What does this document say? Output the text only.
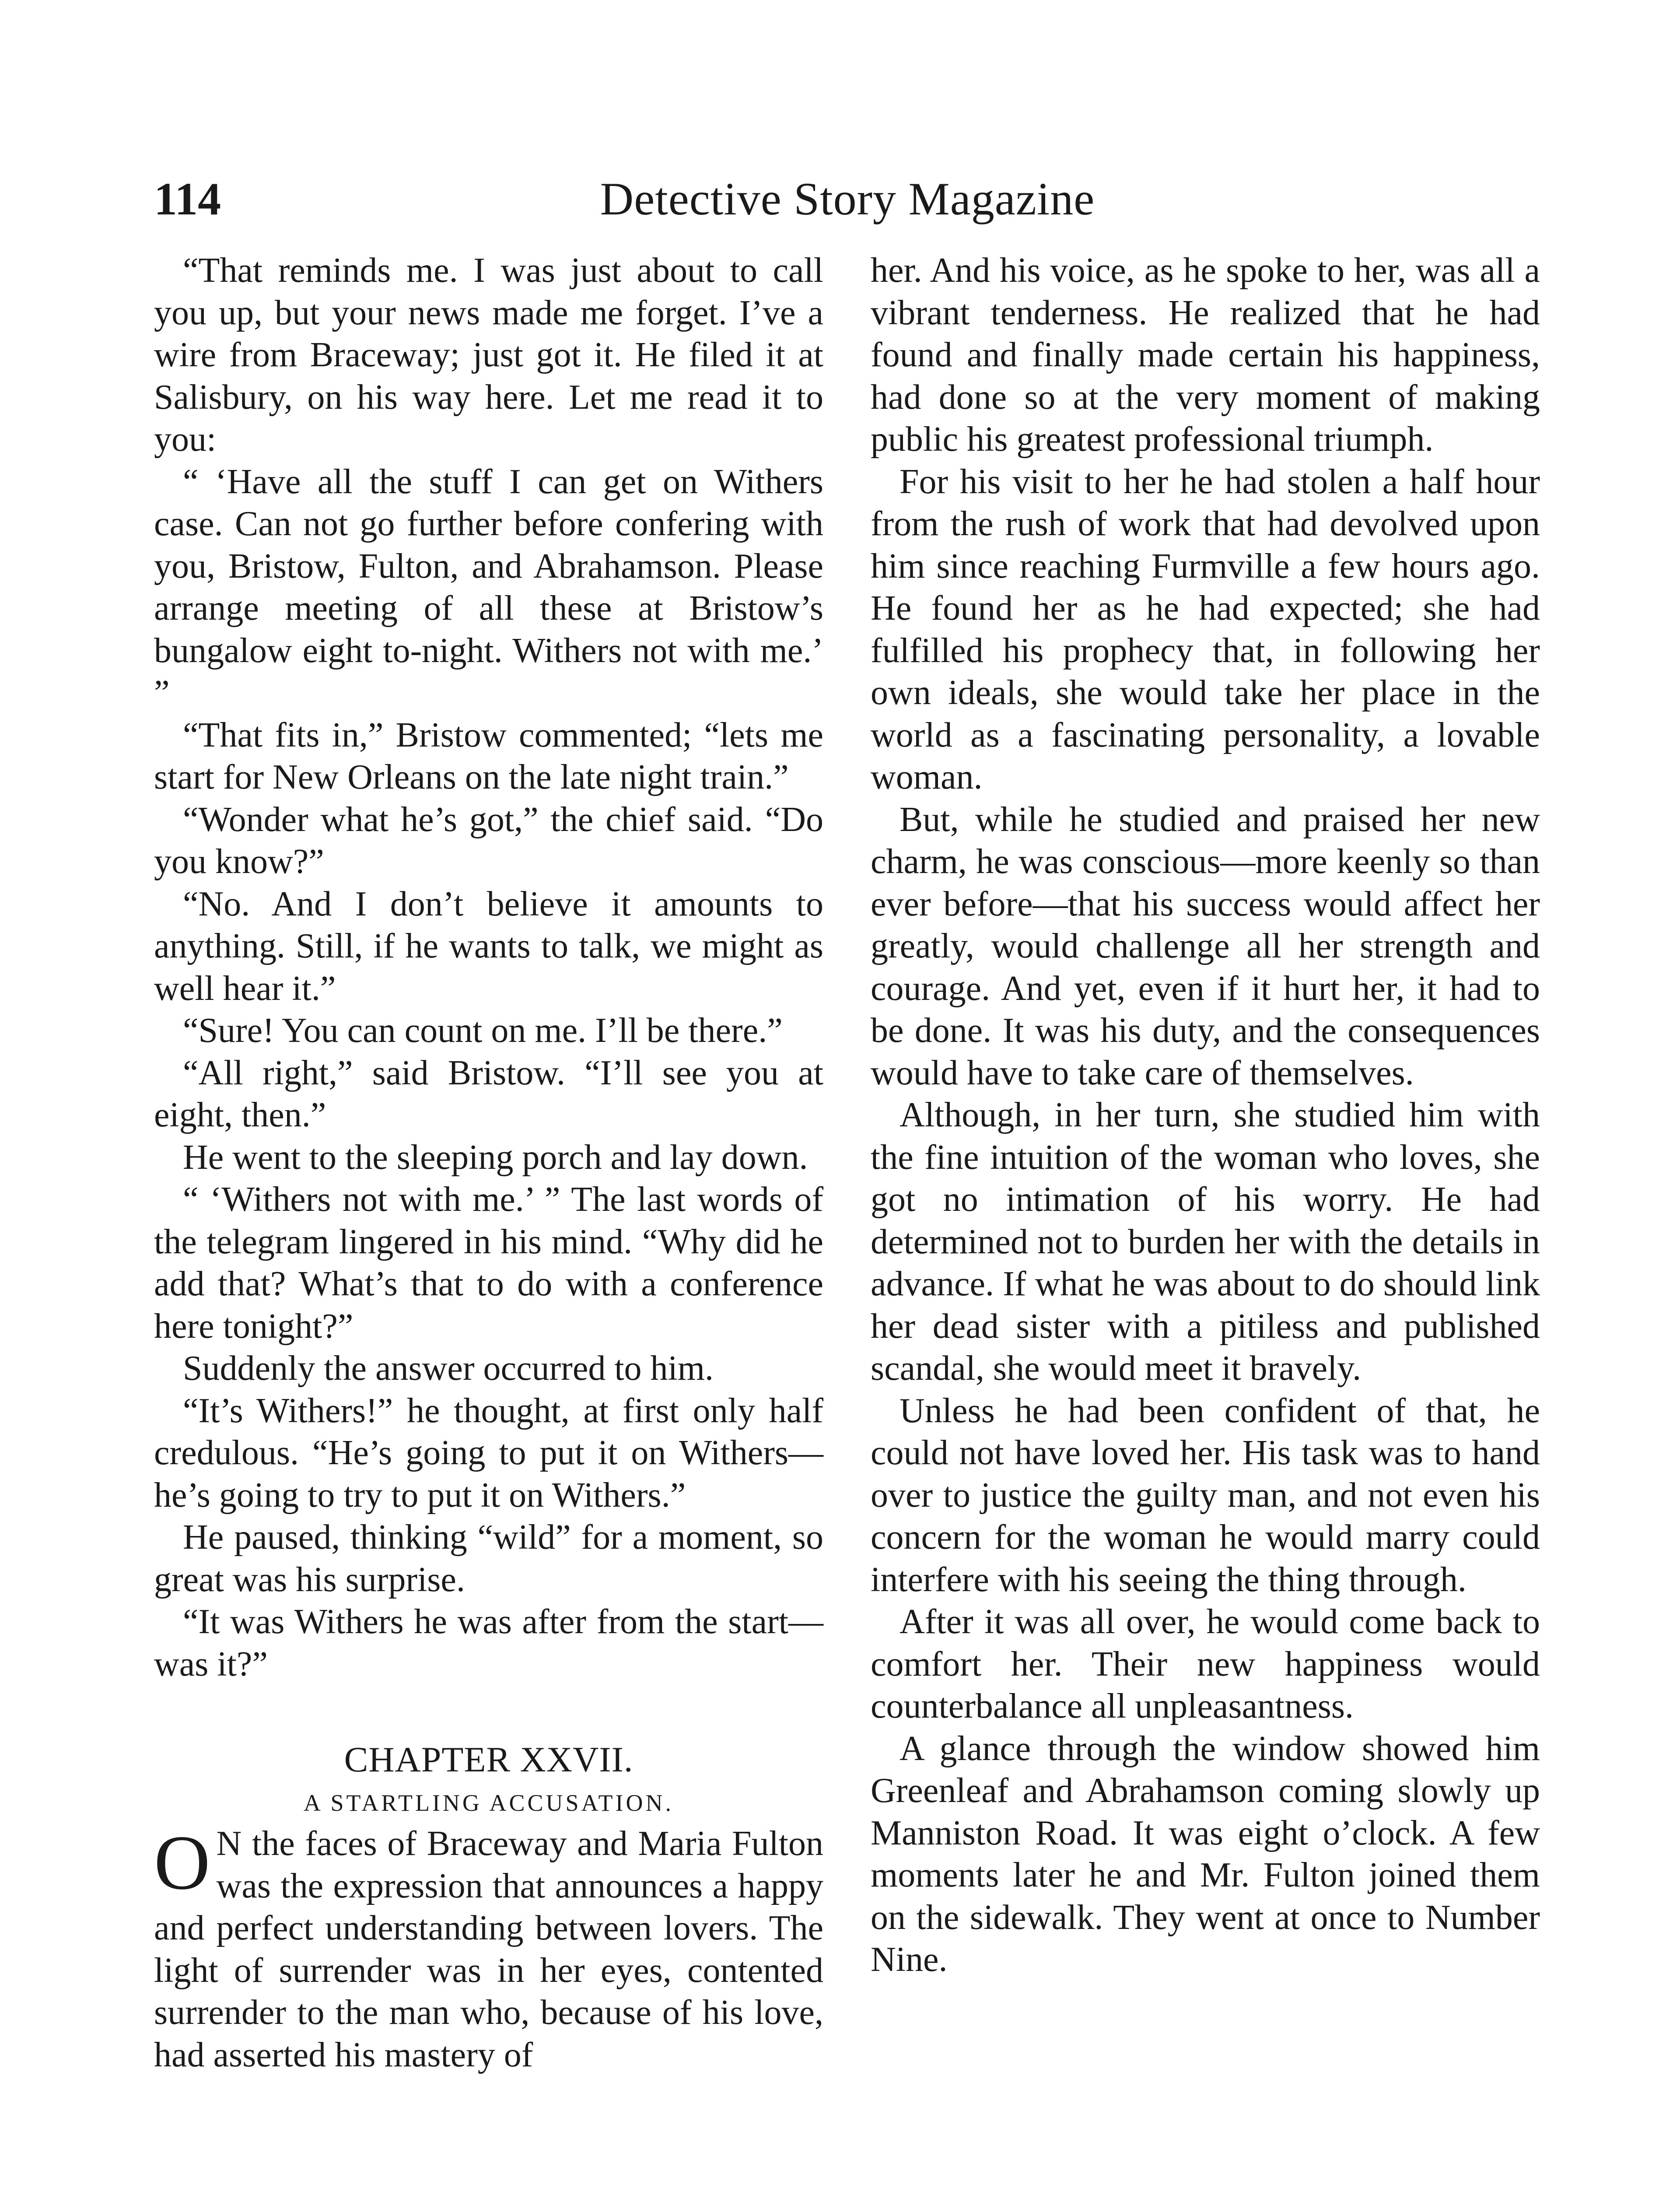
114	Detective Story Magazine

“That reminds me. I was just about to call you up, but your news made me forget. I’ve a wire from Braceway; just got it. He filed it at Salisbury, on his way here. Let me read it to you:

“ ‘Have all the stuff I can get on Withers case. Can not go further before confering with you, Bristow, Fulton, and Abrahamson. Please arrange meeting of all these at Bristow’s bungalow eight to-night. Withers not with me.’ ”

“That fits in,” Bristow commented; “lets me start for New Orleans on the late night train.”

“Wonder what he’s got,” the chief said. “Do you know?”

“No. And I don’t believe it amounts to anything. Still, if he wants to talk, we might as well hear it.”

“Sure! You can count on me. I’ll be there.”

“All right,” said Bristow. “I’ll see you at eight, then.”

He went to the sleeping porch and lay down.

“ ‘Withers not with me.’ ” The last words of the telegram lingered in his mind. “Why did he add that? What’s that to do with a conference here tonight?”

Suddenly the answer occurred to him.

“It’s Withers!” he thought, at first only half credulous. “He’s going to put it on Withers—he’s going to try to put it on Withers.”

He paused, thinking “wild” for a moment, so great was his surprise.

“It was Withers he was after from the start—was it?”

CHAPTER XXVII.
A STARTLING ACCUSATION.

O N the faces of Braceway and Maria Fulton was the expression that announces a happy and perfect understanding between lovers. The light of surrender was in her eyes, contented surrender to the man who, because of his love, had asserted his mastery of

her. And his voice, as he spoke to her, was all a vibrant tenderness. He realized that he had found and finally made certain his happiness, had done so at the very moment of making public his greatest professional triumph.

For his visit to her he had stolen a half hour from the rush of work that had devolved upon him since reaching Furmville a few hours ago. He found her as he had expected; she had fulfilled his prophecy that, in following her own ideals, she would take her place in the world as a fascinating personality, a lovable woman.

But, while he studied and praised her new charm, he was conscious—more keenly so than ever before—that his success would affect her greatly, would challenge all her strength and courage. And yet, even if it hurt her, it had to be done. It was his duty, and the consequences would have to take care of themselves.

Although, in her turn, she studied him with the fine intuition of the woman who loves, she got no intimation of his worry. He had determined not to burden her with the details in advance. If what he was about to do should link her dead sister with a pitiless and published scandal, she would meet it bravely.

Unless he had been confident of that, he could not have loved her. His task was to hand over to justice the guilty man, and not even his concern for the woman he would marry could interfere with his seeing the thing through.

After it was all over, he would come back to comfort her. Their new happiness would counterbalance all unpleasantness.

A glance through the window showed him Greenleaf and Abrahamson coming slowly up Manniston Road. It was eight o’clock. A few moments later he and Mr. Fulton joined them on the sidewalk. They went at once to Number Nine.
